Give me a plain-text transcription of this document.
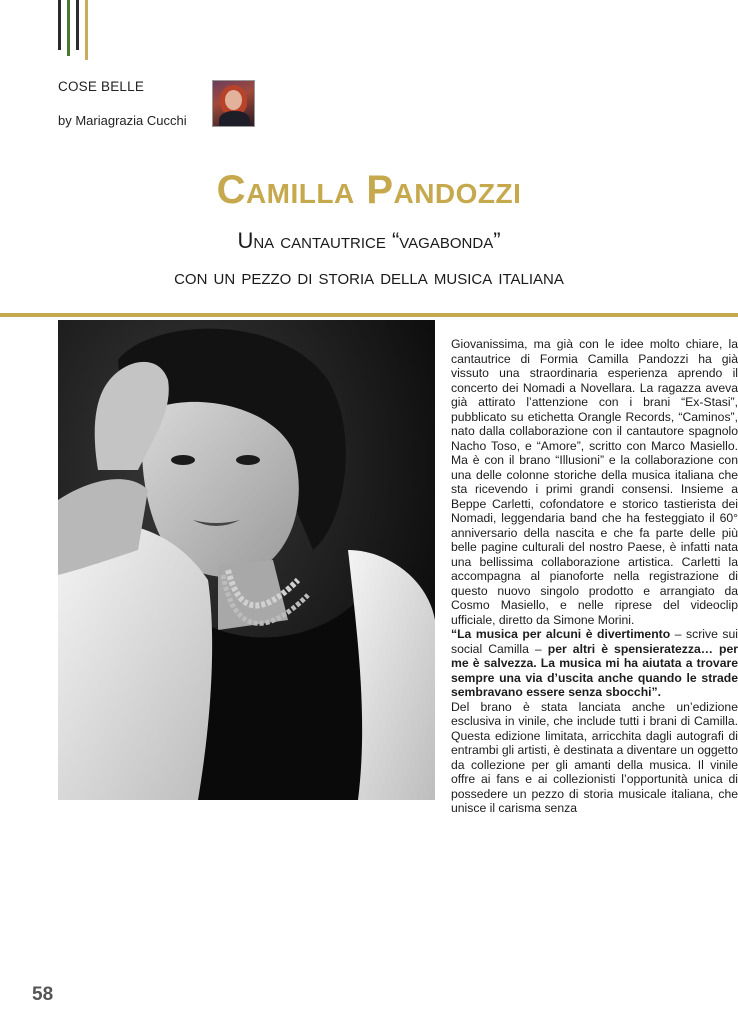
COSE BELLE
by Mariagrazia Cucchi
Camilla Pandozzi
Una cantautrice “vagabonda”
con un pezzo di storia della musica italiana

Giovanissima, ma già con le idee molto chiare, la cantautrice di Formia Camilla Pandozzi ha già vissuto una straordinaria esperienza aprendo il concerto dei Nomadi a Novellara. La ragazza aveva già attirato l’attenzione con i brani “Ex-Stasi”, pubblicato su etichetta Orangle Records, “Caminos”, nato dalla collaborazione con il cantautore spagnolo Nacho Toso, e “Amore”, scritto con Marco Masiello. Ma è con il brano “Illusioni” e la collaborazione con una delle colonne storiche della musica italiana che sta ricevendo i primi grandi consensi. Insieme a Beppe Carletti, cofondatore e storico tastierista dei Nomadi, leggendaria band che ha festeggiato il 60° anniversario della nascita e che fa parte delle più belle pagine culturali del nostro Paese, è infatti nata una bellissima collaborazione artistica. Carletti la accompagna al pianoforte nella registrazione di questo nuovo singolo prodotto e arrangiato da Cosmo Masiello, e nelle riprese del videoclip ufficiale, diretto da Simone Morini.

“La musica per alcuni è divertimento – scrive sui social Camilla – per altri è spensieratezza… per me è salvezza. La musica mi ha aiutata a trovare sempre una via d’uscita anche quando le strade sembravano essere senza sbocchi”.

Del brano è stata lanciata anche un’edizione esclusiva in vinile, che include tutti i brani di Camilla. Questa edizione limitata, arricchita dagli autografi di entrambi gli artisti, è destinata a diventare un oggetto da collezione per gli amanti della musica. Il vinile offre ai fans e ai collezionisti l’opportunità unica di possedere un pezzo di storia musicale italiana, che unisce il carisma senza

58
